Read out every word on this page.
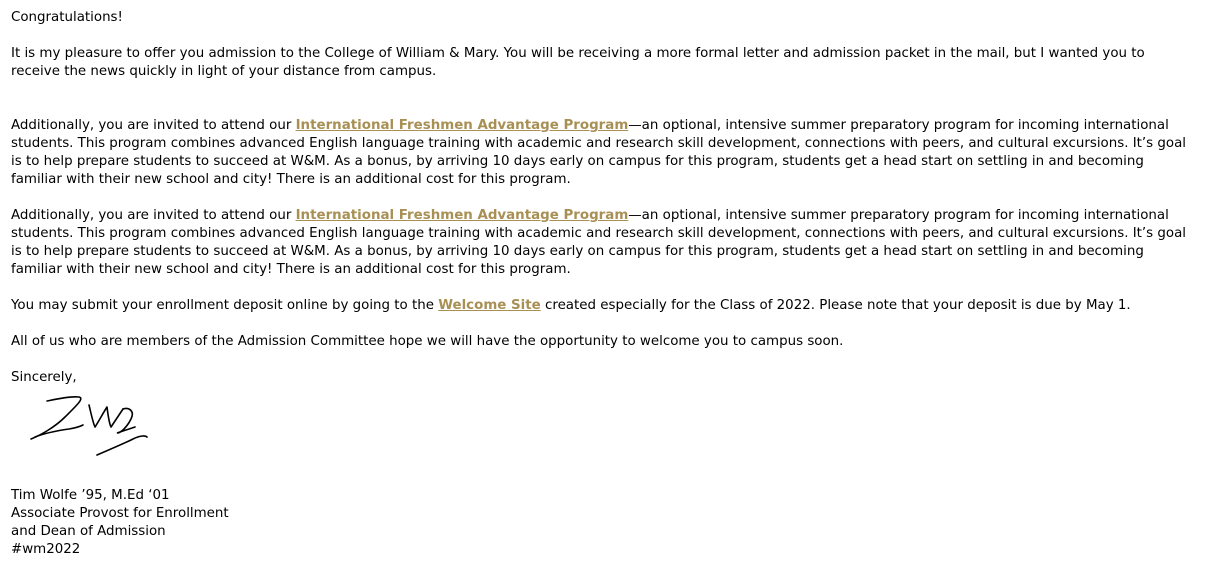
Congratulations!

It is my pleasure to offer you admission to the College of William & Mary. You will be receiving a more formal letter and admission packet in the mail, but I wanted you to receive the news quickly in light of your distance from campus.

Additionally, you are invited to attend our International Freshmen Advantage Program—an optional, intensive summer preparatory program for incoming international students. This program combines advanced English language training with academic and research skill development, connections with peers, and cultural excursions. It’s goal is to help prepare students to succeed at W&M. As a bonus, by arriving 10 days early on campus for this program, students get a head start on settling in and becoming familiar with their new school and city! There is an additional cost for this program.

Additionally, you are invited to attend our International Freshmen Advantage Program—an optional, intensive summer preparatory program for incoming international students. This program combines advanced English language training with academic and research skill development, connections with peers, and cultural excursions. It’s goal is to help prepare students to succeed at W&M. As a bonus, by arriving 10 days early on campus for this program, students get a head start on settling in and becoming familiar with their new school and city! There is an additional cost for this program.

You may submit your enrollment deposit online by going to the Welcome Site created especially for the Class of 2022. Please note that your deposit is due by May 1.

All of us who are members of the Admission Committee hope we will have the opportunity to welcome you to campus soon.

Sincerely,

Tim Wolfe ’95, M.Ed ‘01

Associate Provost for Enrollment

and Dean of Admission

#wm2022
